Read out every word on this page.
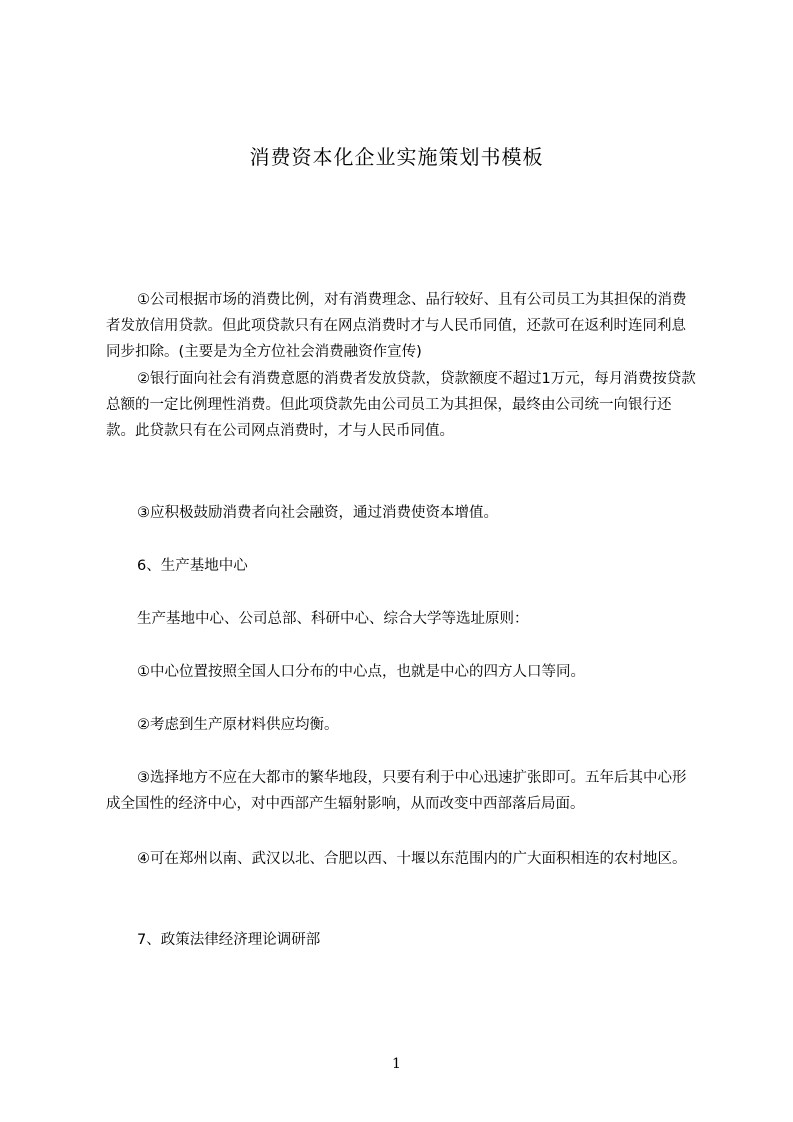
消费资本化企业实施策划书模板

①公司根据市场的消费比例，对有消费理念、品行较好、且有公司员工为其担保的消费者发放信用贷款。但此项贷款只有在网点消费时才与人民币同值，还款可在返利时连同利息同步扣除。(主要是为全方位社会消费融资作宣传)

②银行面向社会有消费意愿的消费者发放贷款，贷款额度不超过1万元，每月消费按贷款总额的一定比例理性消费。但此项贷款先由公司员工为其担保，最终由公司统一向银行还款。此贷款只有在公司网点消费时，才与人民币同值。

③应积极鼓励消费者向社会融资，通过消费使资本增值。

6、生产基地中心

生产基地中心、公司总部、科研中心、综合大学等选址原则：

①中心位置按照全国人口分布的中心点，也就是中心的四方人口等同。

②考虑到生产原材料供应均衡。

③选择地方不应在大都市的繁华地段，只要有利于中心迅速扩张即可。五年后其中心形成全国性的经济中心，对中西部产生辐射影响，从而改变中西部落后局面。

④可在郑州以南、武汉以北、合肥以西、十堰以东范围内的广大面积相连的农村地区。

7、政策法律经济理论调研部

1
